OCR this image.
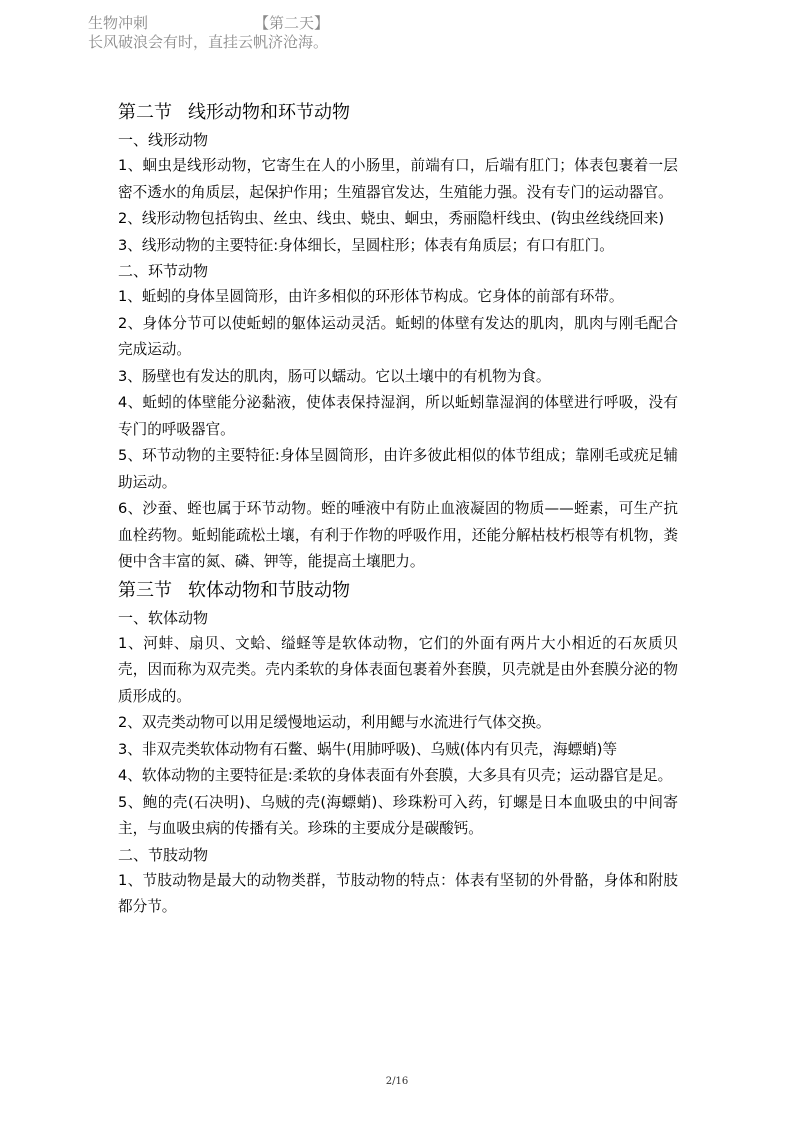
生物冲刺	【第二天】
长风破浪会有时，直挂云帆济沧海。
第二节 线形动物和环节动物

一、线形动物

1、蛔虫是线形动物，它寄生在人的小肠里，前端有口，后端有肛门；体表包裹着一层密不透水的角质层，起保护作用；生殖器官发达，生殖能力强。没有专门的运动器官。

2、线形动物包括钩虫、丝虫、线虫、蛲虫、蛔虫，秀丽隐杆线虫、(钩虫丝线绕回来)

3、线形动物的主要特征:身体细长，呈圆柱形；体表有角质层；有口有肛门。

二、环节动物

1、蚯蚓的身体呈圆筒形，由许多相似的环形体节构成。它身体的前部有环带。

2、身体分节可以使蚯蚓的躯体运动灵活。蚯蚓的体壁有发达的肌肉，肌肉与刚毛配合完成运动。

3、肠壁也有发达的肌肉，肠可以蠕动。它以土壤中的有机物为食。

4、蚯蚓的体壁能分泌黏液，使体表保持湿润，所以蚯蚓靠湿润的体壁进行呼吸，没有专门的呼吸器官。

5、环节动物的主要特征:身体呈圆筒形，由许多彼此相似的体节组成；靠刚毛或疣足辅助运动。

6、沙蚕、蛭也属于环节动物。蛭的唾液中有防止血液凝固的物质——蛭素，可生产抗血栓药物。蚯蚓能疏松土壤，有利于作物的呼吸作用，还能分解枯枝朽根等有机物，粪便中含丰富的氮、磷、钾等，能提高土壤肥力。

第三节 软体动物和节肢动物

一、软体动物

1、河蚌、扇贝、文蛤、缢蛏等是软体动物，它们的外面有两片大小相近的石灰质贝壳，因而称为双壳类。壳内柔软的身体表面包裹着外套膜，贝壳就是由外套膜分泌的物质形成的。

2、双壳类动物可以用足缓慢地运动，利用鳃与水流进行气体交换。

3、非双壳类软体动物有石鳖、蜗牛(用肺呼吸)、乌贼(体内有贝壳，海螵蛸)等

4、软体动物的主要特征是:柔软的身体表面有外套膜，大多具有贝壳；运动器官是足。

5、鲍的壳(石决明)、乌贼的壳(海螵蛸)、珍珠粉可入药，钉螺是日本血吸虫的中间寄主，与血吸虫病的传播有关。珍珠的主要成分是碳酸钙。

二、节肢动物

1、节肢动物是最大的动物类群，节肢动物的特点：体表有坚韧的外骨骼，身体和附肢都分节。

2/16
